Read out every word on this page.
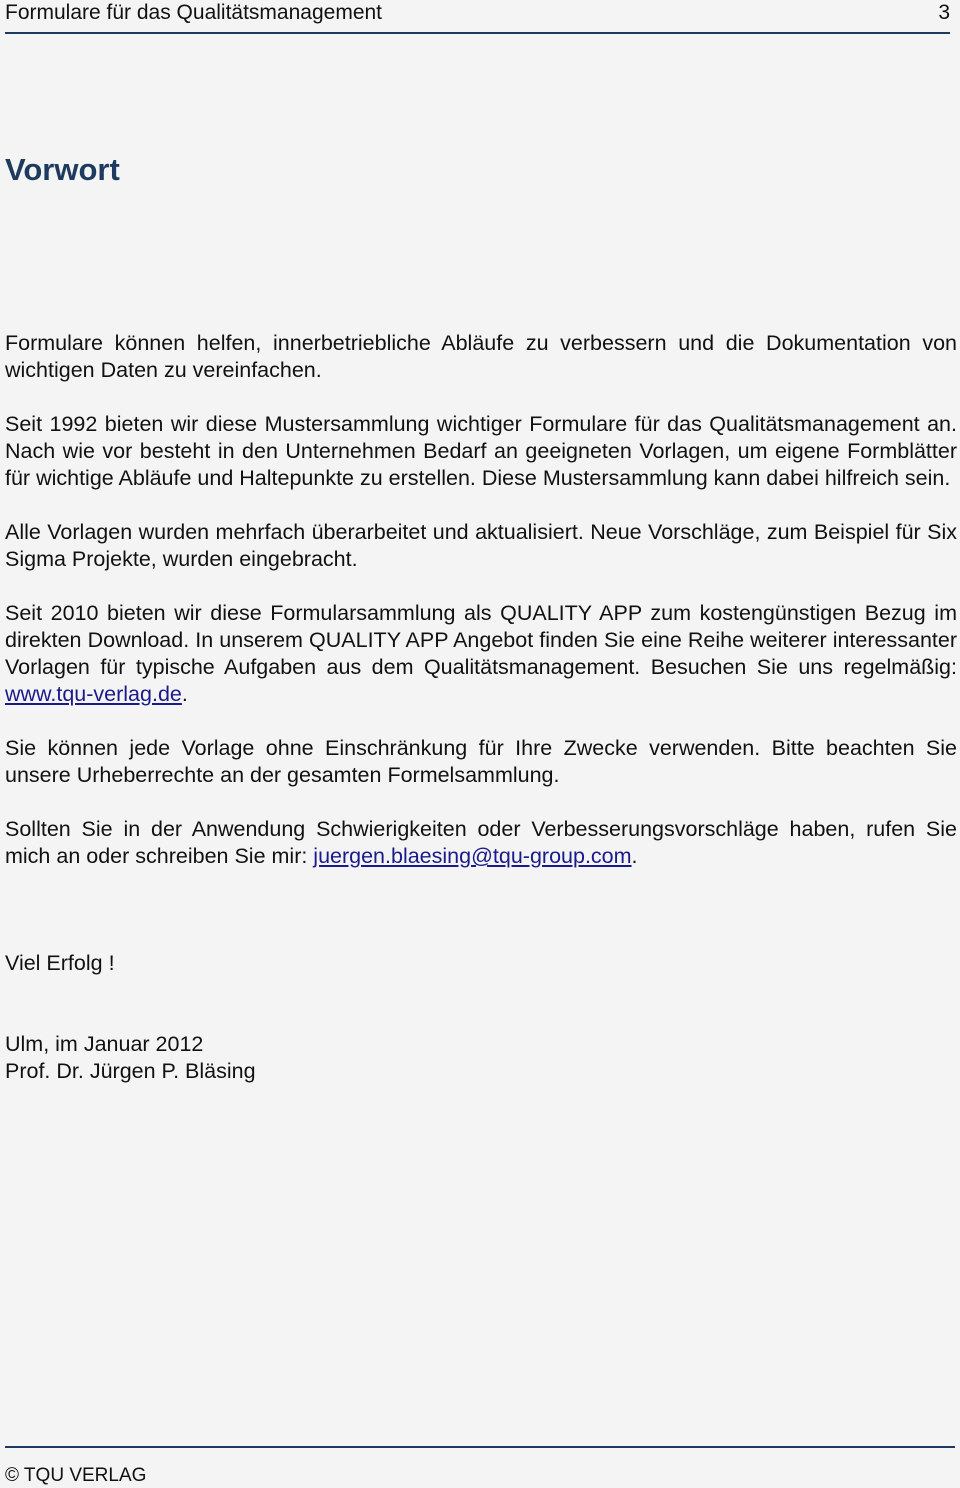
Formulare für das Qualitätsmanagement	3
Vorwort

Formulare können helfen, innerbetriebliche Abläufe zu verbessern und die Dokumentation von wichtigen Daten zu vereinfachen.

Seit 1992 bieten wir diese Mustersammlung wichtiger Formulare für das Qualitätsmanagement an. Nach wie vor besteht in den Unternehmen Bedarf an geeigneten Vorlagen, um eigene Formblätter für wichtige Abläufe und Haltepunkte zu erstellen. Diese Mustersammlung kann dabei hilfreich sein.

Alle Vorlagen wurden mehrfach überarbeitet und aktualisiert. Neue Vorschläge, zum Beispiel für Six Sigma Projekte, wurden eingebracht.

Seit 2010 bieten wir diese Formularsammlung als QUALITY APP zum kostengünstigen Bezug im direkten Download. In unserem QUALITY APP Angebot finden Sie eine Reihe weiterer interessanter Vorlagen für typische Aufgaben aus dem Qualitätsmanagement. Besuchen Sie uns regelmäßig: www.tqu-verlag.de.

Sie können jede Vorlage ohne Einschränkung für Ihre Zwecke verwenden. Bitte beachten Sie unsere Urheberrechte an der gesamten Formelsammlung.

Sollten Sie in der Anwendung Schwierigkeiten oder Verbesserungsvorschläge haben, rufen Sie mich an oder schreiben Sie mir: juergen.blaesing@tqu-group.com.

Viel Erfolg !
Ulm, im Januar 2012
Prof. Dr. Jürgen P. Bläsing
© TQU VERLAG
